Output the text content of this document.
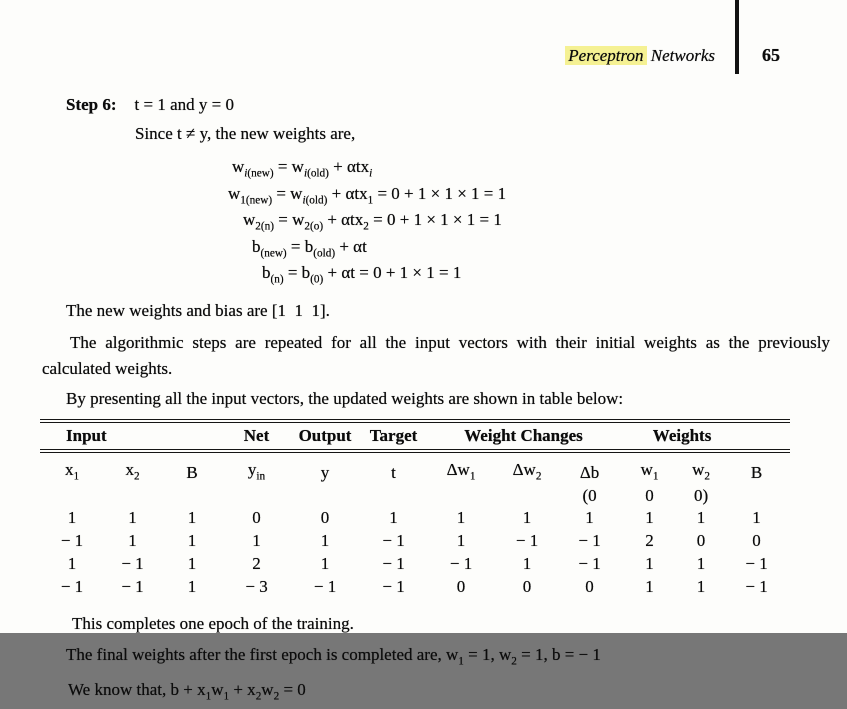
Perceptron Networks	65
Step 6: t = 1 and y = 0
Since t ≠ y, the new weights are,
$w_{i(new)} = w_{i(old)} + \alpha tx_i$
$w_{1(new)} = w_{i(old)} + \alpha tx_1 = 0 + 1 \times 1 \times 1 = 1$
$w_{2(n)} = w_{2(o)} + \alpha tx_2 = 0 + 1 \times 1 \times 1 = 1$
$b_{(new)} = b_{(old)} + \alpha t$
$b_{(n)} = b_{(0)} + \alpha t = 0 + 1 \times 1 = 1$

The new weights and bias are [1  1  1].

The algorithmic steps are repeated for all the input vectors with their initial weights as the previously calculated weights.

By presenting all the input vectors, the updated weights are shown in table below:

Input			Net	Output	Target	Weight Changes			Weights		
$x_1$	$x_2$	B	$y_{in}$	y	t	$\Delta w_1$	$\Delta w_2$	Δb	$w_1$	$w_2$	B
								(0	0	0)	
1	1	1	0	0	1	1	1	1	1	1	1
− 1	1	1	1	1	− 1	1	− 1	− 1	2	0	0
1	− 1	1	2	1	− 1	− 1	1	− 1	1	1	− 1
− 1	− 1	1	− 3	− 1	− 1	0	0	0	1	1	− 1

This completes one epoch of the training.

The final weights after the first epoch is completed are, $w_1 = 1$, $w_2 = 1$, b = − 1

We know that, $b + x_1w_1 + x_2w_2 = 0$
